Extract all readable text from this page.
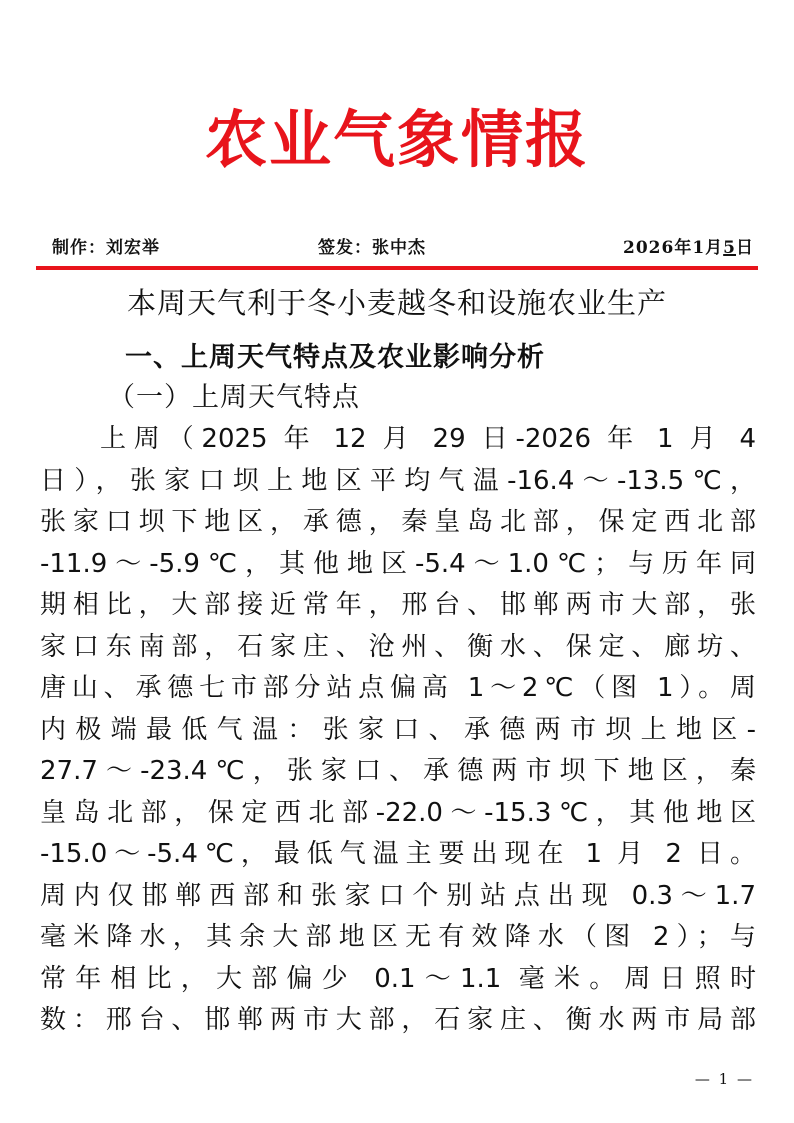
农业气象情报
制作：刘宏举	签发：张中杰	2026年1月5日
本周天气利于冬小麦越冬和设施农业生产
一、上周天气特点及农业影响分析
（一）上周天气特点
上周（2025 年 12 月 29 日-2026 年 1 月 4
日），张家口坝上地区平均气温-16.4～-13.5℃，
张家口坝下地区，承德，秦皇岛北部，保定西北部
-11.9～-5.9℃，其他地区-5.4～1.0℃；与历年同
期相比，大部接近常年，邢台、邯郸两市大部，张
家口东南部，石家庄、沧州、衡水、保定、廊坊、
唐山、承德七市部分站点偏高 1～2℃（图 1）。周
内极端最低气温：张家口、承德两市坝上地区-
27.7～-23.4℃，张家口、承德两市坝下地区，秦
皇岛北部，保定西北部-22.0～-15.3℃，其他地区
-15.0～-5.4℃，最低气温主要出现在 1 月 2 日。
周内仅邯郸西部和张家口个别站点出现 0.3～1.7
毫米降水，其余大部地区无有效降水（图 2）；与
常年相比，大部偏少 0.1～1.1 毫米。周日照时
数：邢台、邯郸两市大部，石家庄、衡水两市局部
— 1 —
